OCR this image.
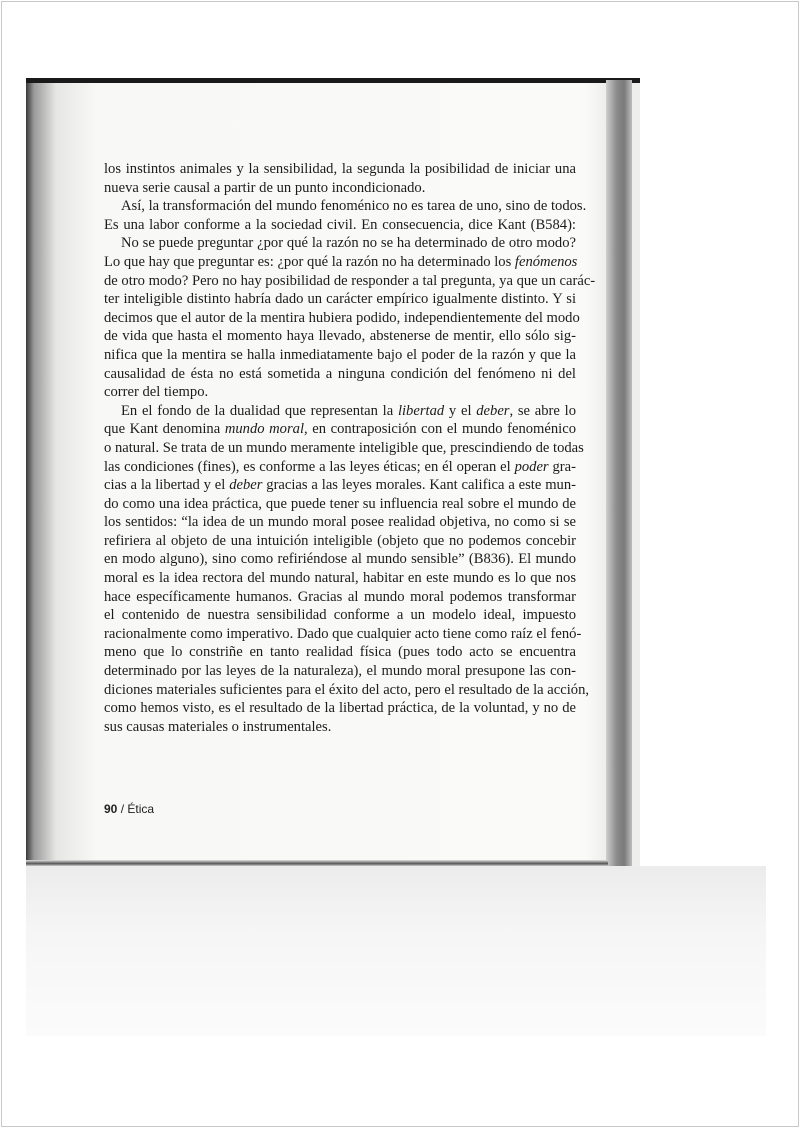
los instintos animales y la sensibilidad, la segunda la posibilidad de iniciar una
nueva serie causal a partir de un punto incondicionado.
Así, la transformación del mundo fenoménico no es tarea de uno, sino de todos.
Es una labor conforme a la sociedad civil. En consecuencia, dice Kant (B584):
No se puede preguntar ¿por qué la razón no se ha determinado de otro modo?
Lo que hay que preguntar es: ¿por qué la razón no ha determinado los fenómenos
de otro modo? Pero no hay posibilidad de responder a tal pregunta, ya que un carác-
ter inteligible distinto habría dado un carácter empírico igualmente distinto. Y si
decimos que el autor de la mentira hubiera podido, independientemente del modo
de vida que hasta el momento haya llevado, abstenerse de mentir, ello sólo sig-
nifica que la mentira se halla inmediatamente bajo el poder de la razón y que la
causalidad de ésta no está sometida a ninguna condición del fenómeno ni del
correr del tiempo.
En el fondo de la dualidad que representan la libertad y el deber, se abre lo
que Kant denomina mundo moral, en contraposición con el mundo fenoménico
o natural. Se trata de un mundo meramente inteligible que, prescindiendo de todas
las condiciones (fines), es conforme a las leyes éticas; en él operan el poder gra-
cias a la libertad y el deber gracias a las leyes morales. Kant califica a este mun-
do como una idea práctica, que puede tener su influencia real sobre el mundo de
los sentidos: “la idea de un mundo moral posee realidad objetiva, no como si se
refiriera al objeto de una intuición inteligible (objeto que no podemos concebir
en modo alguno), sino como refiriéndose al mundo sensible” (B836). El mundo
moral es la idea rectora del mundo natural, habitar en este mundo es lo que nos
hace específicamente humanos. Gracias al mundo moral podemos transformar
el contenido de nuestra sensibilidad conforme a un modelo ideal, impuesto
racionalmente como imperativo. Dado que cualquier acto tiene como raíz el fenó-
meno que lo constriñe en tanto realidad física (pues todo acto se encuentra
determinado por las leyes de la naturaleza), el mundo moral presupone las con-
diciones materiales suficientes para el éxito del acto, pero el resultado de la acción,
como hemos visto, es el resultado de la libertad práctica, de la voluntad, y no de
sus causas materiales o instrumentales.
90 / Ética
